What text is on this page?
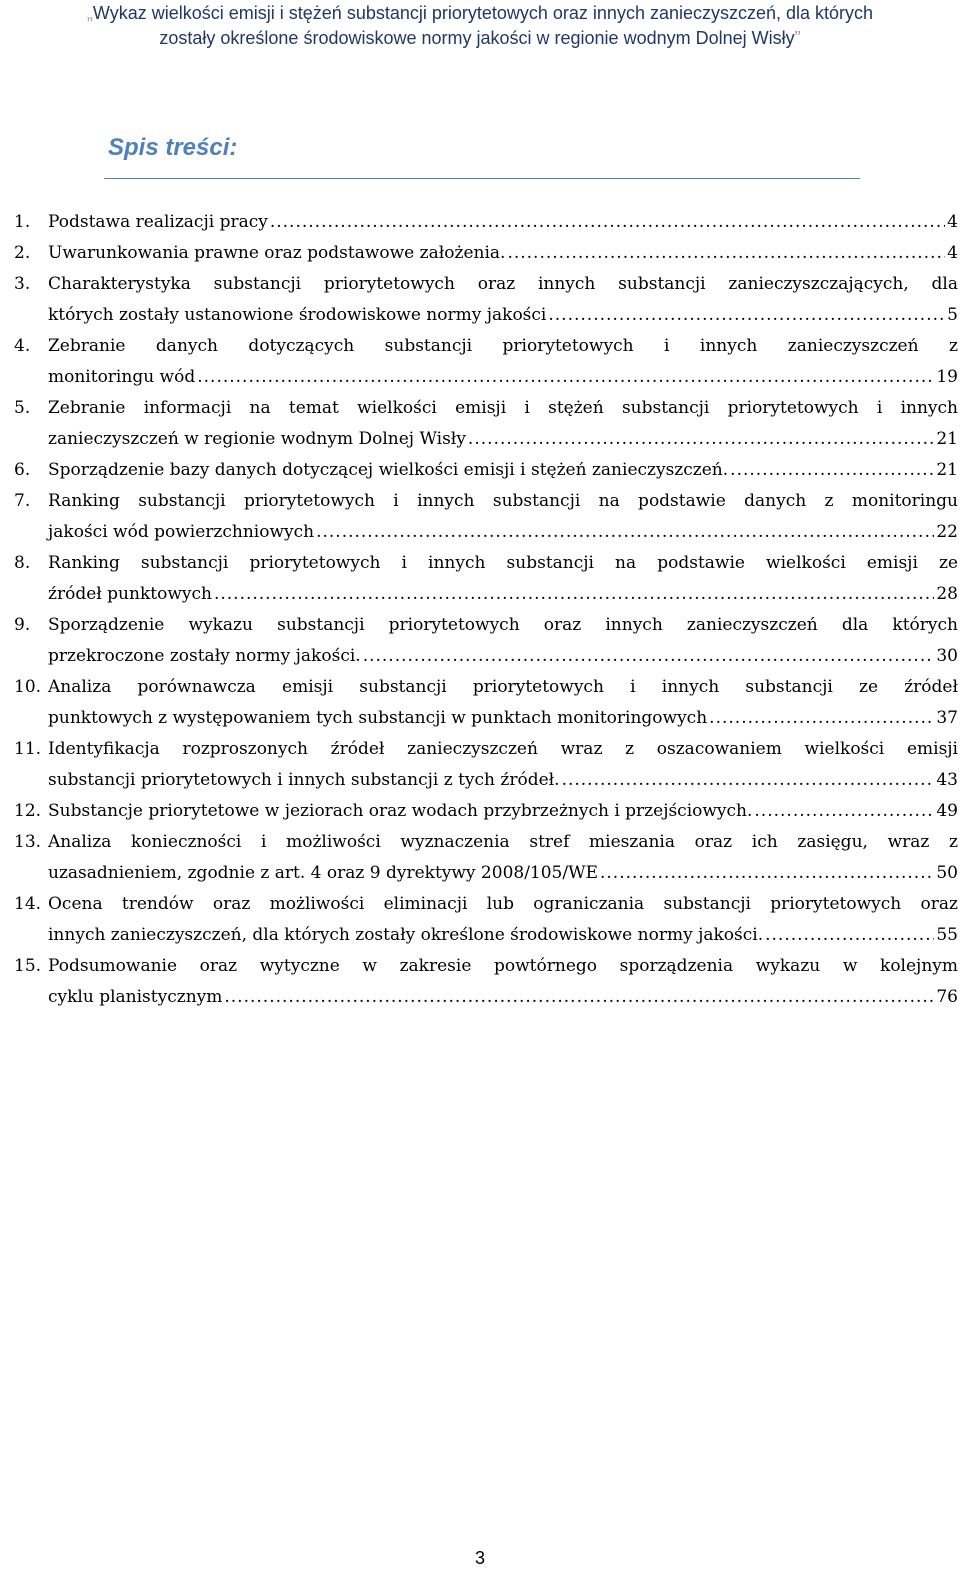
„Wykaz wielkości emisji i stężeń substancji priorytetowych oraz innych zanieczyszczeń, dla których
zostały określone środowiskowe normy jakości w regionie wodnym Dolnej Wisły”
Spis treści:
1. Podstawa realizacji pracy .....	4
2. Uwarunkowania prawne oraz podstawowe założenia. .....	4
3. Charakterystyka substancji priorytetowych oraz innych substancji zanieczyszczających, dla
których zostały ustanowione środowiskowe normy jakości .....	5
4. Zebranie danych dotyczących substancji priorytetowych i innych zanieczyszczeń z
monitoringu wód .....	19
5. Zebranie informacji na temat wielkości emisji i stężeń substancji priorytetowych i innych
zanieczyszczeń w regionie wodnym Dolnej Wisły .....	21
6. Sporządzenie bazy danych dotyczącej wielkości emisji i stężeń zanieczyszczeń. .....	21
7. Ranking substancji priorytetowych i innych substancji na podstawie danych z monitoringu
jakości wód powierzchniowych .....	22
8. Ranking substancji priorytetowych i innych substancji na podstawie wielkości emisji ze
źródeł punktowych .....	28
9. Sporządzenie wykazu substancji priorytetowych oraz innych zanieczyszczeń dla których
przekroczone zostały normy jakości. .....	30
10. Analiza porównawcza emisji substancji priorytetowych i innych substancji ze źródeł
punktowych z występowaniem tych substancji w punktach monitoringowych .....	37
11. Identyfikacja rozproszonych źródeł zanieczyszczeń wraz z oszacowaniem wielkości emisji
substancji priorytetowych i innych substancji z tych źródeł. .....	43
12. Substancje priorytetowe w jeziorach oraz wodach przybrzeżnych i przejściowych. .....	49
13. Analiza konieczności i możliwości wyznaczenia stref mieszania oraz ich zasięgu, wraz z
uzasadnieniem, zgodnie z art. 4 oraz 9 dyrektywy 2008/105/WE .....	50
14. Ocena trendów oraz możliwości eliminacji lub ograniczania substancji priorytetowych oraz
innych zanieczyszczeń, dla których zostały określone środowiskowe normy jakości. .....	55
15. Podsumowanie oraz wytyczne w zakresie powtórnego sporządzenia wykazu w kolejnym
cyklu planistycznym .....	76
3
